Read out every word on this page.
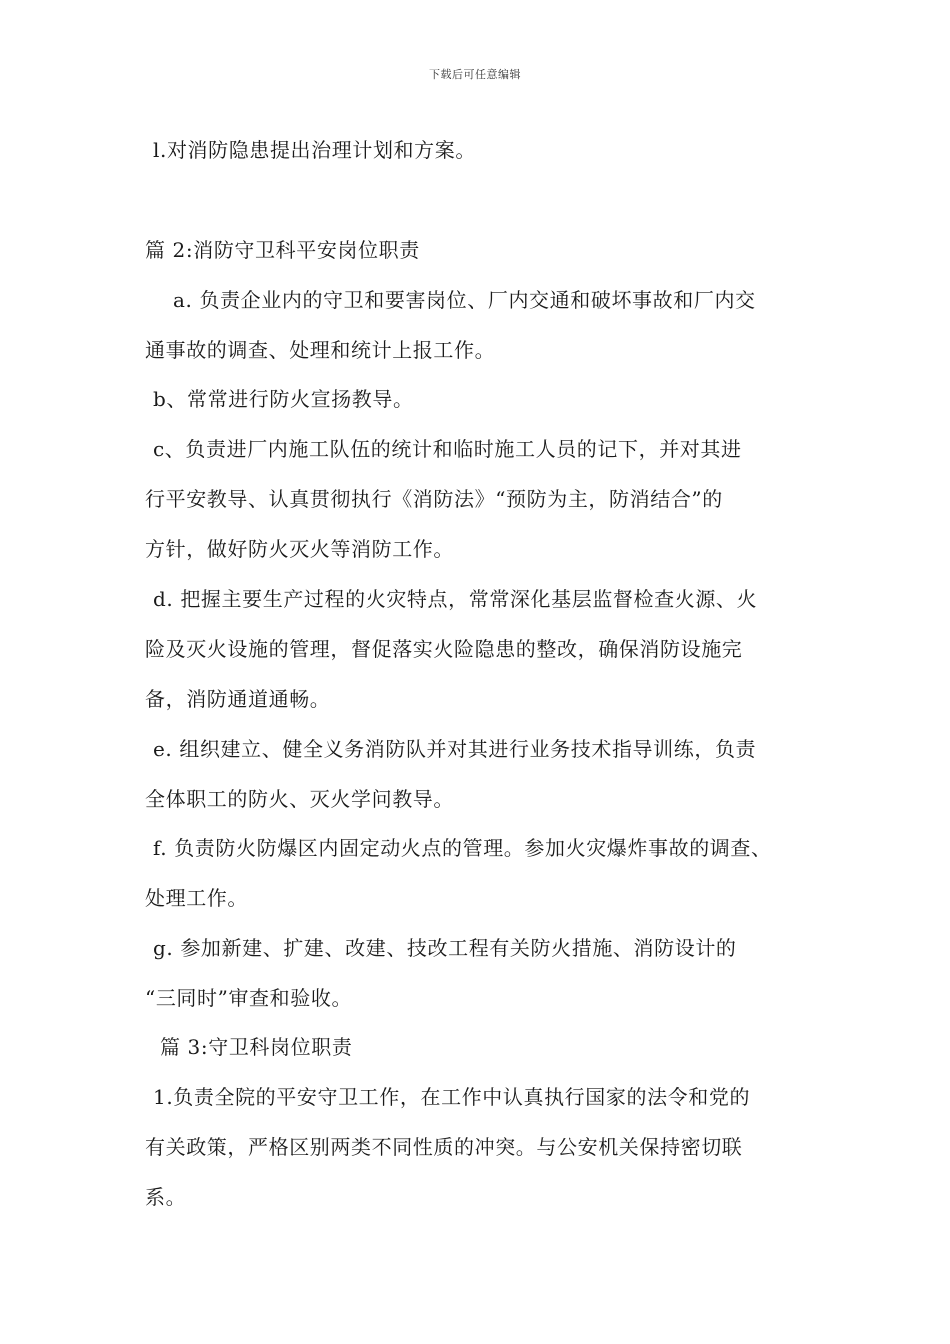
下载后可任意编辑
l.对消防隐患提出治理计划和方案。
篇 2:消防守卫科平安岗位职责
a. 负责企业内的守卫和要害岗位、厂内交通和破坏事故和厂内交
通事故的调查、处理和统计上报工作。
b、常常进行防火宣扬教导。
c、负责进厂内施工队伍的统计和临时施工人员的记下，并对其进
行平安教导、认真贯彻执行《消防法》“预防为主，防消结合”的
方针，做好防火灭火等消防工作。
d. 把握主要生产过程的火灾特点，常常深化基层监督检查火源、火
险及灭火设施的管理，督促落实火险隐患的整改，确保消防设施完
备，消防通道通畅。
e. 组织建立、健全义务消防队并对其进行业务技术指导训练，负责
全体职工的防火、灭火学问教导。
f. 负责防火防爆区内固定动火点的管理。参加火灾爆炸事故的调查、
处理工作。
g. 参加新建、扩建、改建、技改工程有关防火措施、消防设计的
“三同时”审查和验收。
篇 3:守卫科岗位职责
1.负责全院的平安守卫工作，在工作中认真执行国家的法令和党的
有关政策，严格区别两类不同性质的冲突。与公安机关保持密切联
系。
